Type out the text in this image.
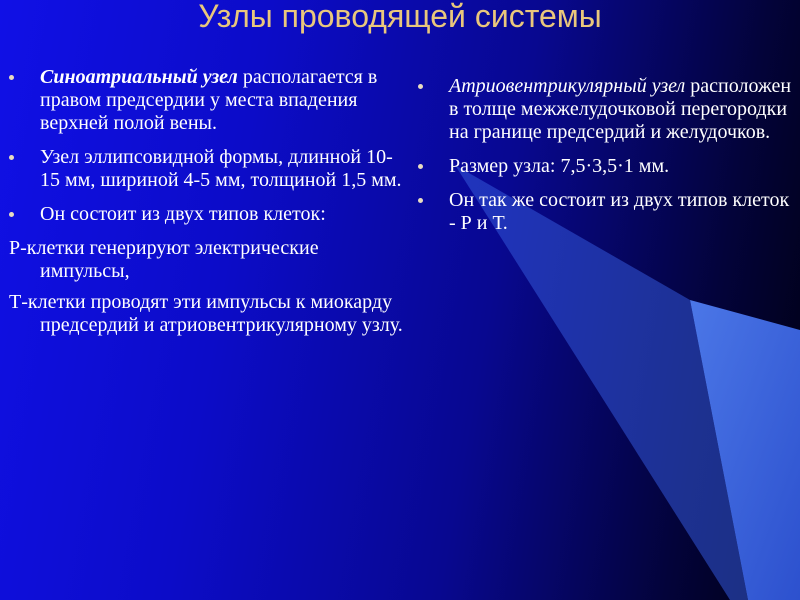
Узлы проводящей системы
Синоатриальный узел располагается в правом предсердии у места впадения верхней полой вены.
Узел эллипсовидной формы, длинной 10-15 мм, шириной 4-5 мм, толщиной 1,5 мм.
Он состоит из двух типов клеток:
Р-клетки генерируют электрические импульсы,
Т-клетки проводят эти импульсы к миокарду предсердий и атриовентрикулярному узлу.
Атриовентрикулярный узел расположен в толще межжелудочковой перегородки на границе предсердий и желудочков.
Размер узла: 7,5·3,5·1 мм.
Он так же состоит из двух типов клеток - Р и Т.
